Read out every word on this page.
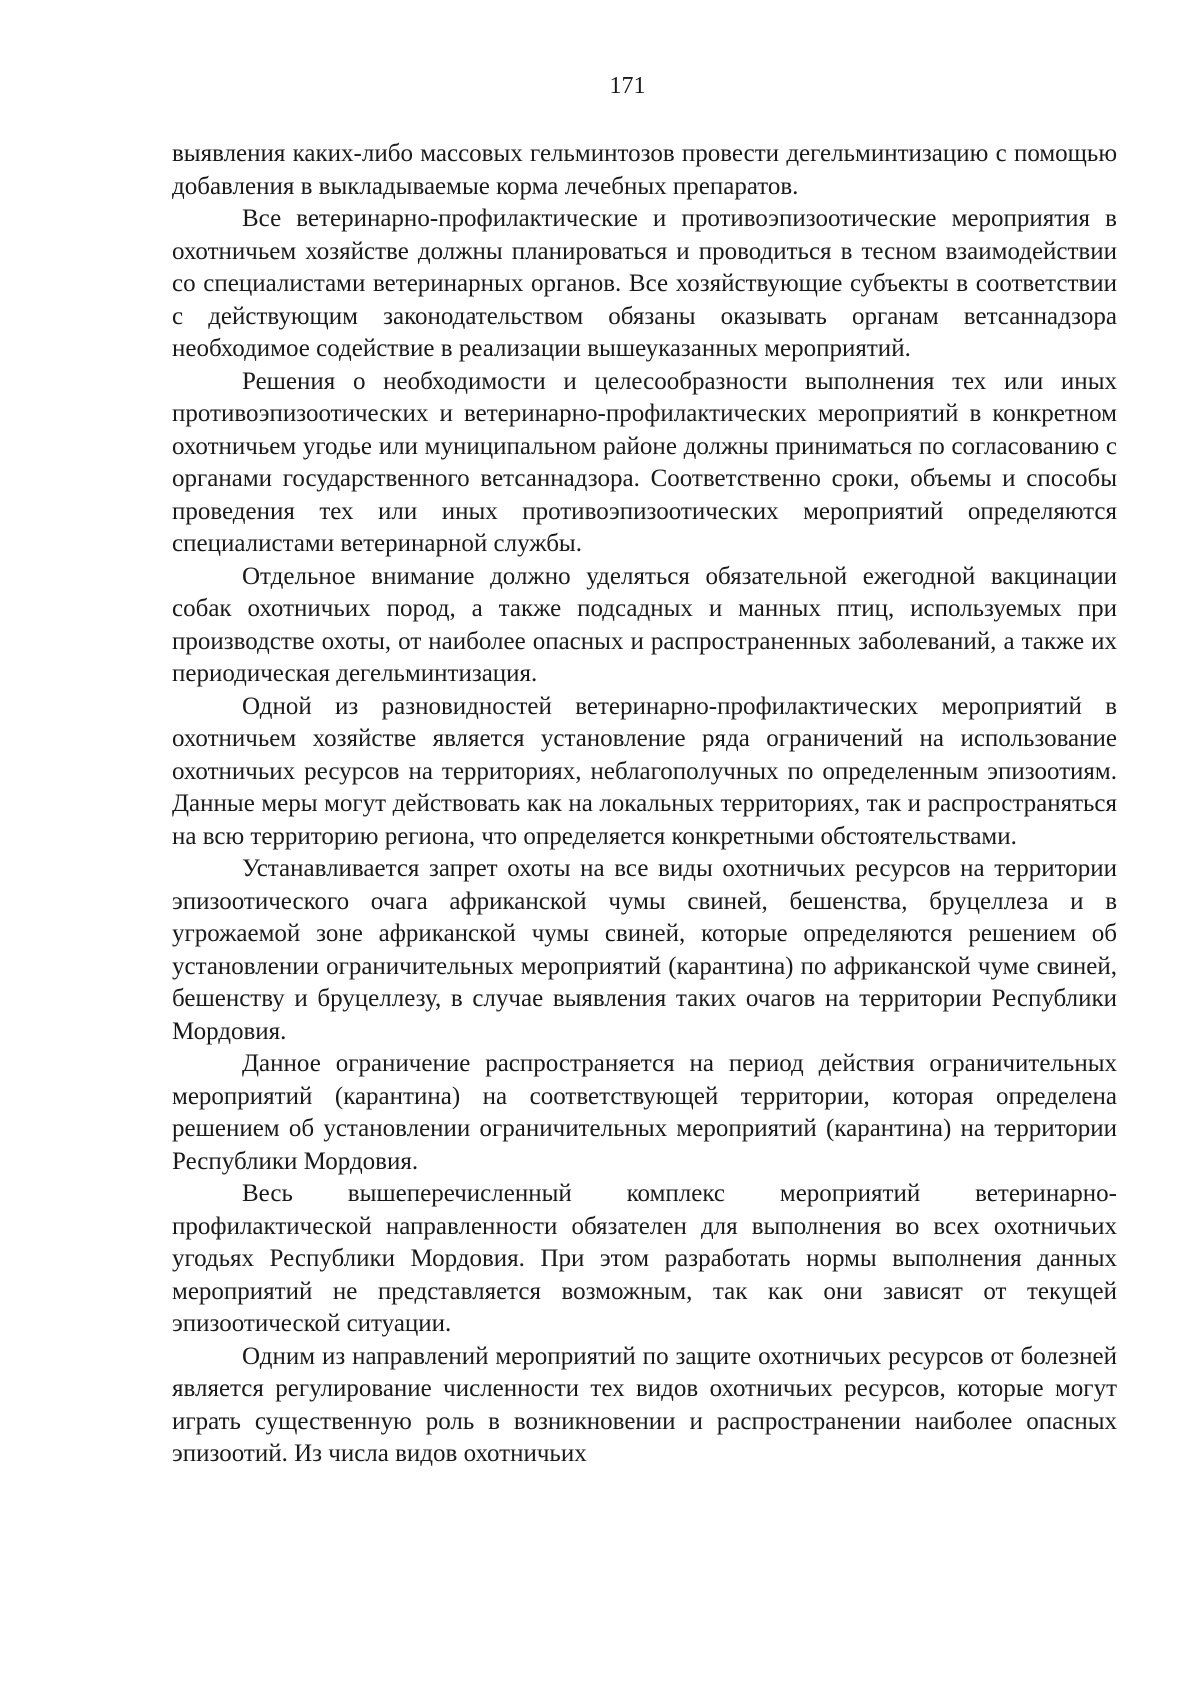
171

выявления каких-либо массовых гельминтозов провести дегельминтизацию с помощью добавления в выкладываемые корма лечебных препаратов.

Все ветеринарно-профилактические и противоэпизоотические мероприятия в охотничьем хозяйстве должны планироваться и проводиться в тесном взаимодействии со специалистами ветеринарных органов. Все хозяйствующие субъекты в соответствии с действующим законодательством обязаны оказывать органам ветсаннадзора необходимое содействие в реализации вышеуказанных мероприятий.

Решения о необходимости и целесообразности выполнения тех или иных противоэпизоотических и ветеринарно-профилактических мероприятий в конкретном охотничьем угодье или муниципальном районе должны приниматься по согласованию с органами государственного ветсаннадзора. Соответственно сроки, объемы и способы проведения тех или иных противоэпизоотических мероприятий определяются специалистами ветеринарной службы.

Отдельное внимание должно уделяться обязательной ежегодной вакцинации собак охотничьих пород, а также подсадных и манных птиц, используемых при производстве охоты, от наиболее опасных и распространенных заболеваний, а также их периодическая дегельминтизация.

Одной из разновидностей ветеринарно-профилактических мероприятий в охотничьем хозяйстве является установление ряда ограничений на использование охотничьих ресурсов на территориях, неблагополучных по определенным эпизоотиям. Данные меры могут действовать как на локальных территориях, так и распространяться на всю территорию региона, что определяется конкретными обстоятельствами.

Устанавливается запрет охоты на все виды охотничьих ресурсов на территории эпизоотического очага африканской чумы свиней, бешенства, бруцеллеза и в угрожаемой зоне африканской чумы свиней, которые определяются решением об установлении ограничительных мероприятий (карантина) по африканской чуме свиней, бешенству и бруцеллезу, в случае выявления таких очагов на территории Республики Мордовия.

Данное ограничение распространяется на период действия ограничительных мероприятий (карантина) на соответствующей территории, которая определена решением об установлении ограничительных мероприятий (карантина) на территории Республики Мордовия.

Весь вышеперечисленный комплекс мероприятий ветеринарно-профилактической направленности обязателен для выполнения во всех охотничьих угодьях Республики Мордовия. При этом разработать нормы выполнения данных мероприятий не представляется возможным, так как они зависят от текущей эпизоотической ситуации.

Одним из направлений мероприятий по защите охотничьих ресурсов от болезней является регулирование численности тех видов охотничьих ресурсов, которые могут играть существенную роль в возникновении и распространении наиболее опасных эпизоотий. Из числа видов охотничьих
